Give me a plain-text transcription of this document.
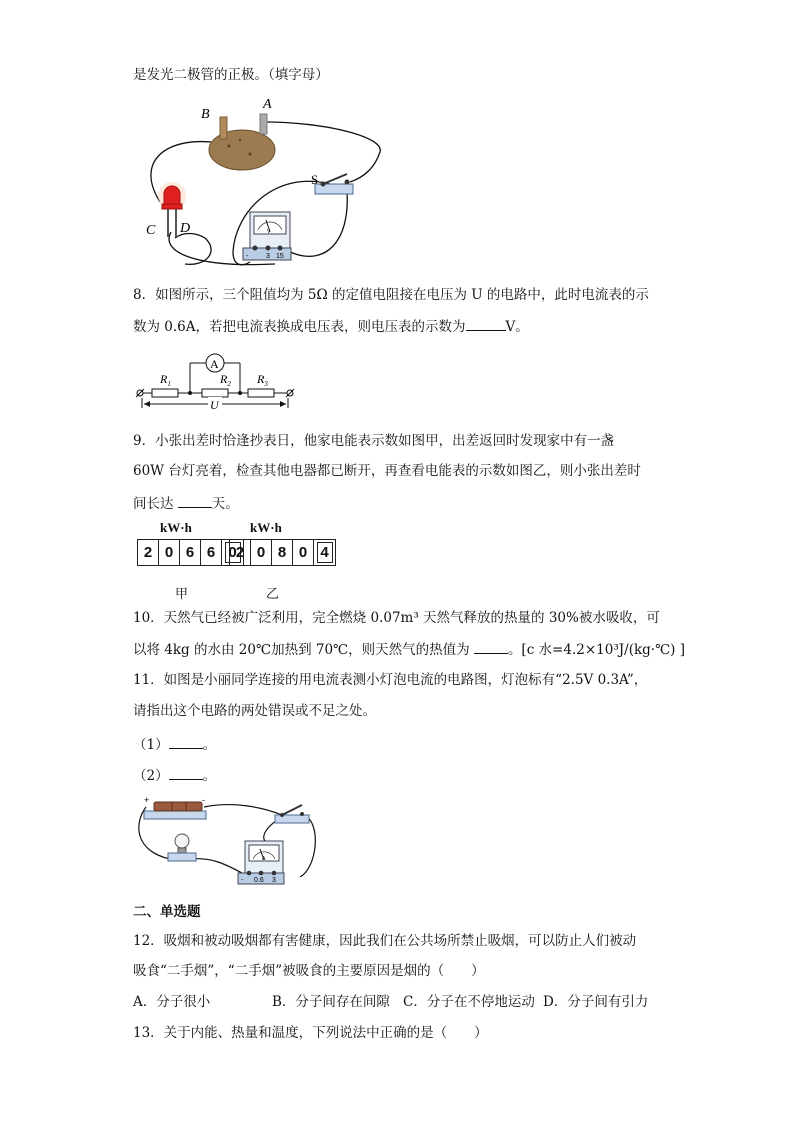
是发光二极管的正极。（填字母）
B
A
C D
S
V
-	3 15
8．如图所示，三个阻值均为 5Ω 的定值电阻接在电压为 U 的电路中，此时电流表的示
数为 0.6A，若把电流表换成电压表，则电压表的示数为	V。
A
$R_1$	$R_2$ $R_3$
U
9．小张出差时恰逢抄表日，他家电能表示数如图甲，出差返回时发现家中有一盏
60W 台灯亮着，检查其他电器都已断开，再查看电能表的示数如图乙，则小张出差时
间长达	天。
kW·h	kW·h
2 0 6 6 0 2 0 8 0 4
甲	乙
10．天然气已经被广泛利用，完全燃烧 0.07m³ 天然气释放的热量的 30%被水吸收，可
以将 4kg 的水由 20℃加热到 70℃，则天然气的热值为	。[c 水=4.2×10³J/(kg·℃) ]
11．如图是小丽同学连接的用电流表测小灯泡电流的电路图，灯泡标有“2.5V 0.3A”，
请指出这个电路的两处错误或不足之处。
（1）	。
（2）	。
+	-
A
- 0.6 3
二、单选题
12．吸烟和被动吸烟都有害健康，因此我们在公共场所禁止吸烟，可以防止人们被动
吸食“二手烟”，“二手烟”被吸食的主要原因是烟的（　　）
A．分子很小	B．分子间存在间隙 C．分子在不停地运动 D．分子间有引力
13．关于内能、热量和温度，下列说法中正确的是（　　）
